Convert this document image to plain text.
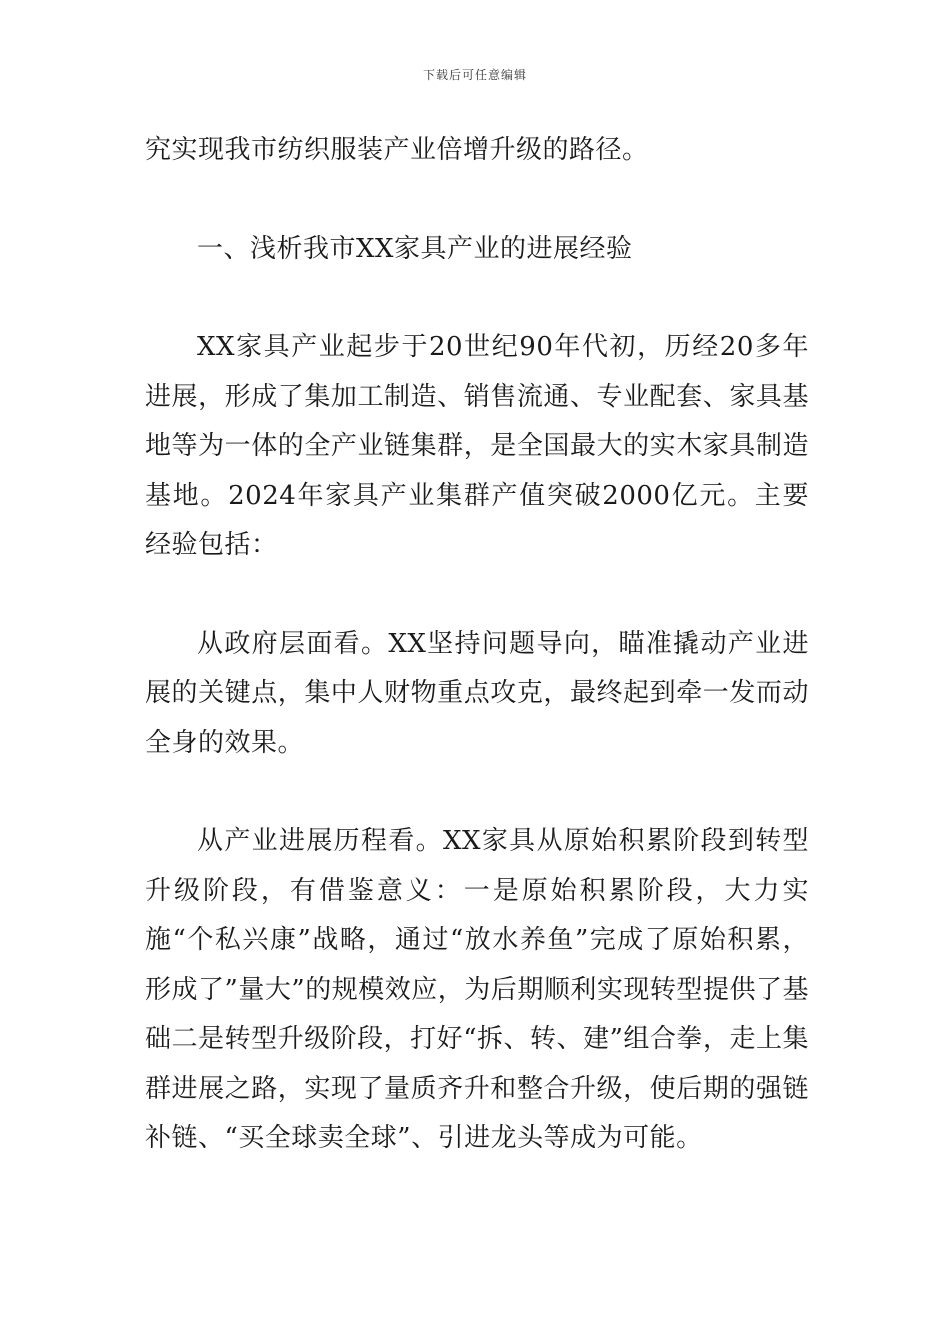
下载后可任意编辑

究实现我市纺织服装产业倍增升级的路径。

一、浅析我市XX家具产业的进展经验

XX家具产业起步于20世纪90年代初，历经20多年进展，形成了集加工制造、销售流通、专业配套、家具基地等为一体的全产业链集群，是全国最大的实木家具制造基地。2024年家具产业集群产值突破2000亿元。主要经验包括：

从政府层面看。XX坚持问题导向，瞄准撬动产业进展的关键点，集中人财物重点攻克，最终起到牵一发而动全身的效果。

从产业进展历程看。XX家具从原始积累阶段到转型升级阶段，有借鉴意义：一是原始积累阶段，大力实施“个私兴康”战略，通过“放水养鱼”完成了原始积累，形成了”量大”的规模效应，为后期顺利实现转型提供了基础二是转型升级阶段，打好“拆、转、建”组合拳，走上集群进展之路，实现了量质齐升和整合升级，使后期的强链补链、“买全球卖全球”、引进龙头等成为可能。
